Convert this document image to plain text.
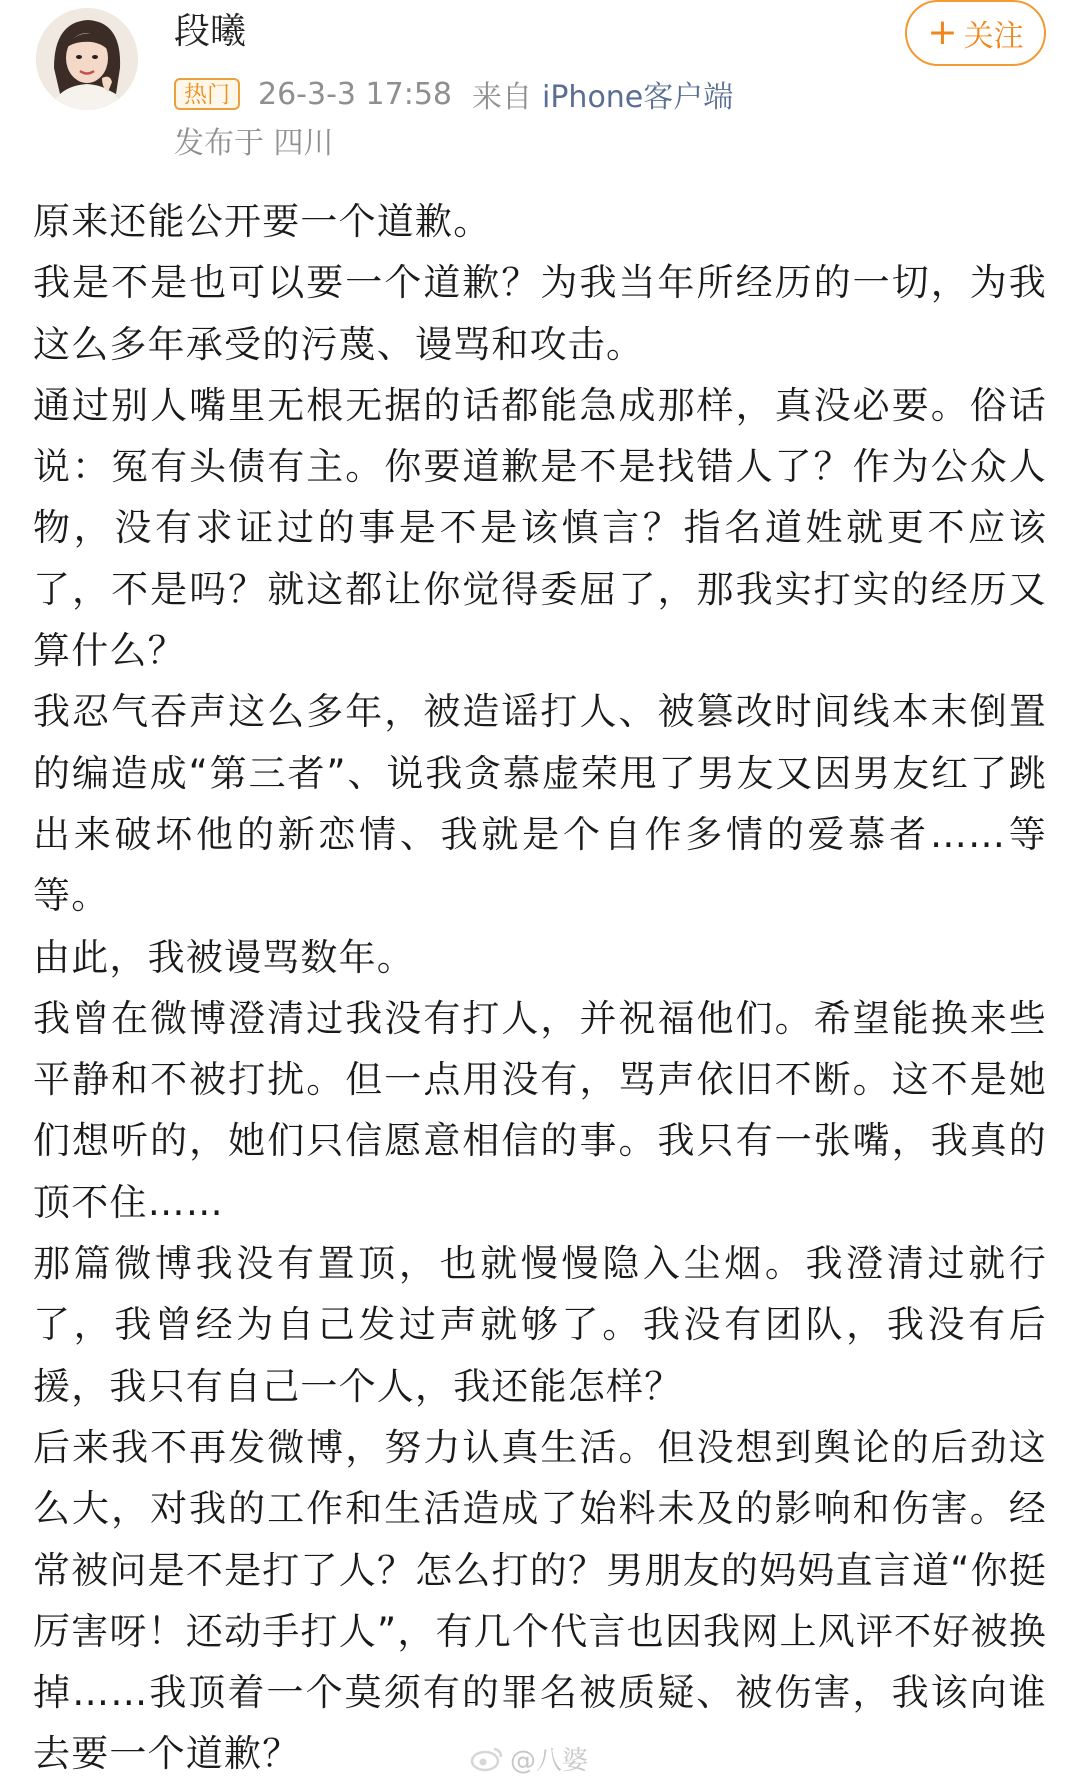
段曦
热门 26-3-3 17:58 来自 iPhone客户端
发布于 四川
+ 关注

原来还能公开要一个道歉。

我是不是也可以要一个道歉？为我当年所经历的一切，为我这么多年承受的污蔑、谩骂和攻击。

通过别人嘴里无根无据的话都能急成那样，真没必要。俗话说：冤有头债有主。你要道歉是不是找错人了？作为公众人物，没有求证过的事是不是该慎言？指名道姓就更不应该了，不是吗？就这都让你觉得委屈了，那我实打实的经历又算什么？

我忍气吞声这么多年，被造谣打人、被篡改时间线本末倒置的编造成“第三者”、说我贪慕虚荣甩了男友又因男友红了跳出来破坏他的新恋情、我就是个自作多情的爱慕者……等等。

由此，我被谩骂数年。

我曾在微博澄清过我没有打人，并祝福他们。希望能换来些平静和不被打扰。但一点用没有，骂声依旧不断。这不是她们想听的，她们只信愿意相信的事。我只有一张嘴，我真的顶不住……

那篇微博我没有置顶，也就慢慢隐入尘烟。我澄清过就行了，我曾经为自己发过声就够了。我没有团队，我没有后援，我只有自己一个人，我还能怎样？

后来我不再发微博，努力认真生活。但没想到舆论的后劲这么大，对我的工作和生活造成了始料未及的影响和伤害。经常被问是不是打了人？怎么打的？男朋友的妈妈直言道“你挺厉害呀！还动手打人”，有几个代言也因我网上风评不好被换掉……我顶着一个莫须有的罪名被质疑、被伤害，我该向谁去要一个道歉？	@八婆
